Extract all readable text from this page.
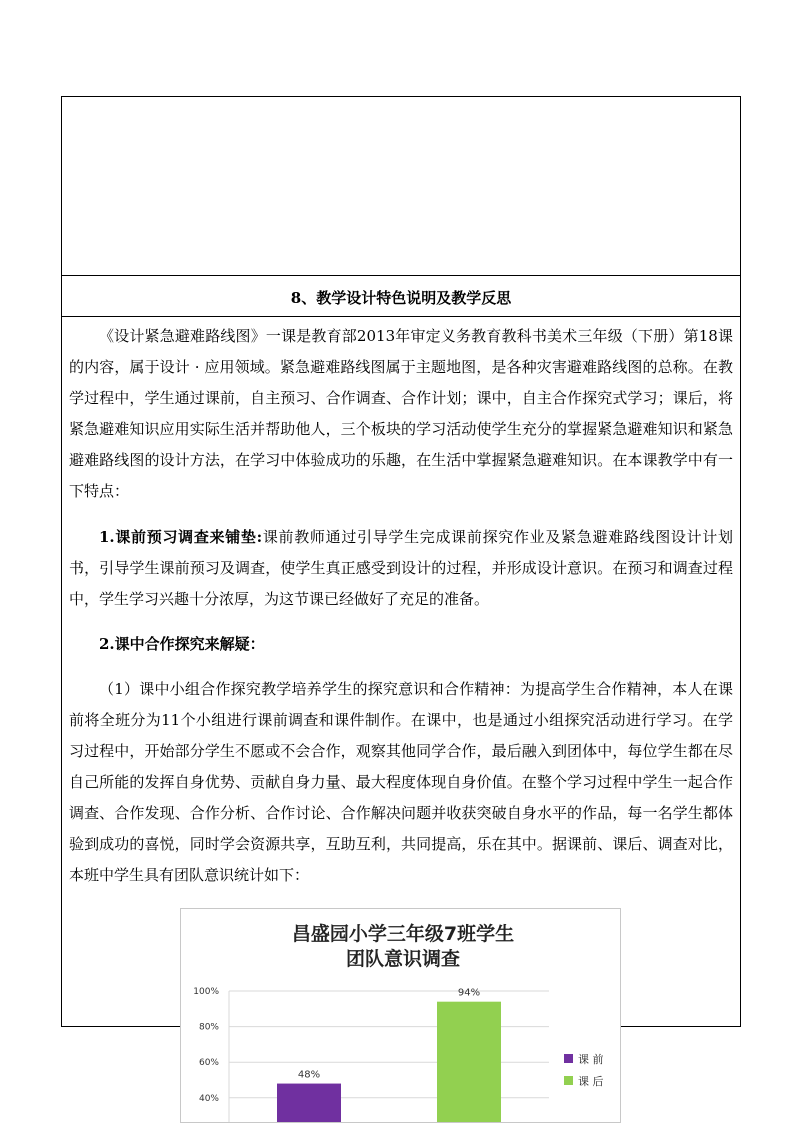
8、教学设计特色说明及教学反思

《设计紧急避难路线图》一课是教育部2013年审定义务教育教科书美术三年级（下册）第18课的内容，属于设计 · 应用领域。紧急避难路线图属于主题地图，是各种灾害避难路线图的总称。在教学过程中，学生通过课前，自主预习、合作调查、合作计划；课中，自主合作探究式学习；课后，将紧急避难知识应用实际生活并帮助他人，三个板块的学习活动使学生充分的掌握紧急避难知识和紧急避难路线图的设计方法，在学习中体验成功的乐趣，在生活中掌握紧急避难知识。在本课教学中有一下特点：

1.课前预习调查来铺垫:课前教师通过引导学生完成课前探究作业及紧急避难路线图设计计划书，引导学生课前预习及调查，使学生真正感受到设计的过程，并形成设计意识。在预习和调查过程中，学生学习兴趣十分浓厚，为这节课已经做好了充足的准备。

2.课中合作探究来解疑：

（1）课中小组合作探究教学培养学生的探究意识和合作精神：为提高学生合作精神，本人在课前将全班分为11个小组进行课前调查和课件制作。在课中，也是通过小组探究活动进行学习。在学习过程中，开始部分学生不愿或不会合作，观察其他同学合作，最后融入到团体中，每位学生都在尽自己所能的发挥自身优势、贡献自身力量、最大程度体现自身价值。在整个学习过程中学生一起合作调查、合作发现、合作分析、合作讨论、合作解决问题并收获突破自身水平的作品，每一名学生都体验到成功的喜悦，同时学会资源共享，互助互利，共同提高，乐在其中。据课前、课后、调查对比，本班中学生具有团队意识统计如下：

昌盛园小学三年级7班学生
团队意识调查
40%
60%
80%
100%
48%
94%
课 前
课 后
